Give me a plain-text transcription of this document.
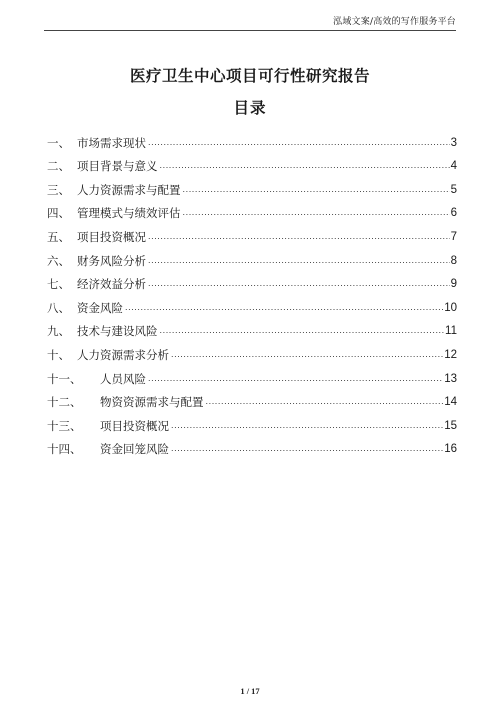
泓域文案/高效的写作服务平台
医疗卫生中心项目可行性研究报告
目录
一、 市场需求现状 .....	3
二、 项目背景与意义 .....	4
三、 人力资源需求与配置 .....	5
四、 管理模式与绩效评估 .....	6
五、 项目投资概况 .....	7
六、 财务风险分析 .....	8
七、 经济效益分析 .....	9
八、 资金风险 .....	10
九、 技术与建设风险 .....	11
十、 人力资源需求分析 .....	12
十一、	人员风险 .....	13
十二、	物资资源需求与配置 .....	14
十三、	项目投资概况 .....	15
十四、	资金回笼风险 .....	16
1 / 17
